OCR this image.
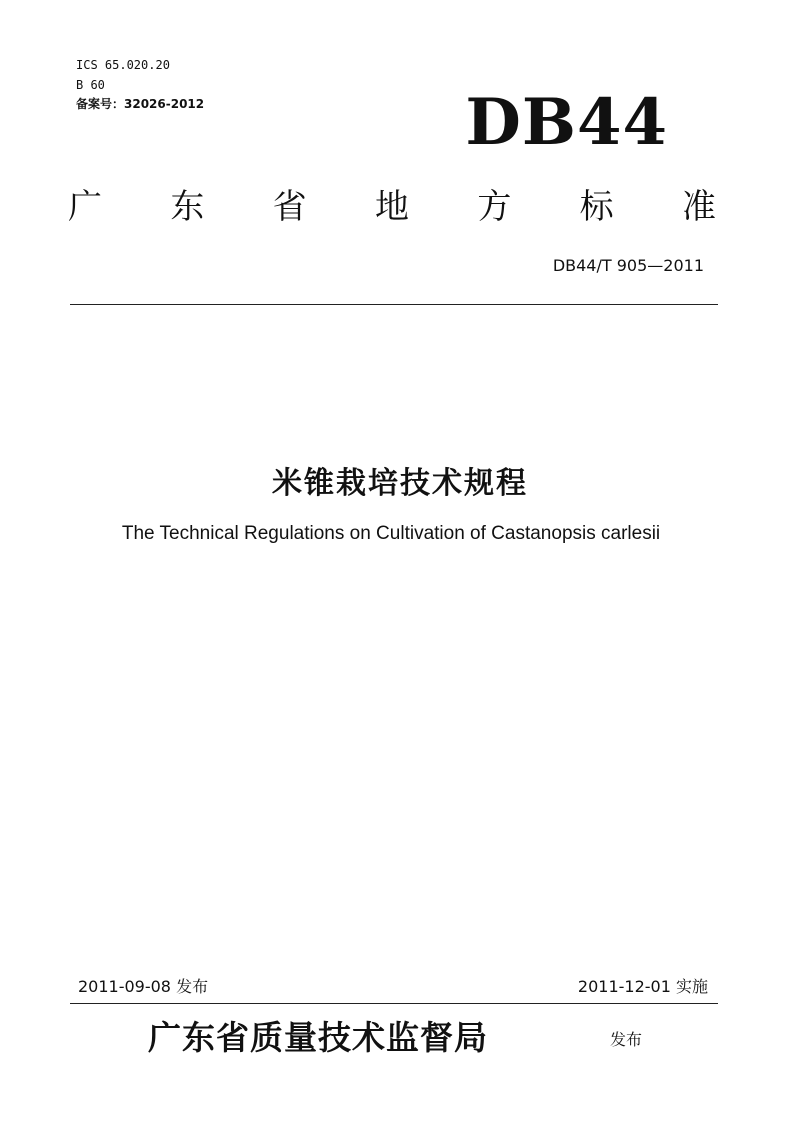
ICS 65.020.20
B 60
备案号：32026-2012	DB44
广 东 省 地 方 标 准
DB44/T 905—2011
米锥栽培技术规程
The Technical Regulations on Cultivation of Castanopsis carlesii
2011-09-08 发布	2011-12-01 实施
广东省质量技术监督局	发布
